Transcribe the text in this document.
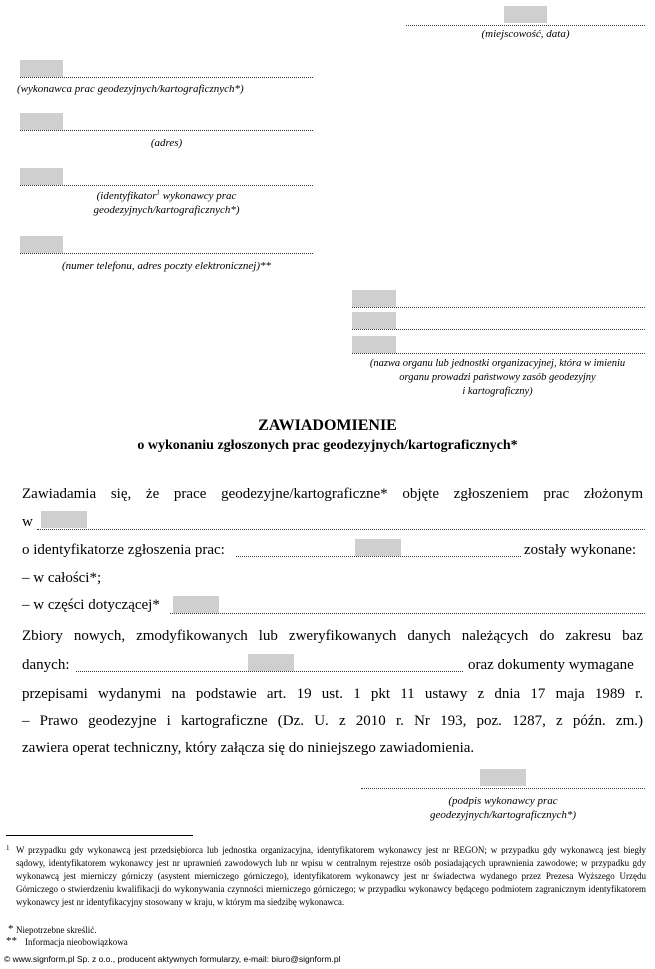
(miejscowość, data)
(wykonawca prac geodezyjnych/kartograficznych*)
(adres)
(identyfikator$^1$ wykonawcy prac
geodezyjnych/kartograficznych*)
(numer telefonu, adres poczty elektronicznej)**
(nazwa organu lub jednostki organizacyjnej, która w imieniu
organu prowadzi państwowy zasób geodezyjny
i kartograficzny)
ZAWIADOMIENIE
o wykonaniu zgłoszonych prac geodezyjnych/kartograficznych*
Zawiadamia się, że prace geodezyjne/kartograficzne* objęte zgłoszeniem prac złożonym
w
o identyfikatorze zgłoszenia prac:	zostały wykonane:
– w całości*;
– w części dotyczącej*
Zbiory nowych, zmodyfikowanych lub zweryfikowanych danych należących do zakresu baz
danych:	oraz dokumenty wymagane
przepisami wydanymi na podstawie art. 19 ust. 1 pkt 11 ustawy z dnia 17 maja 1989 r.
– Prawo geodezyjne i kartograficzne (Dz. U. z 2010 r. Nr 193, poz. 1287, z późn. zm.)
zawiera operat techniczny, który załącza się do niniejszego zawiadomienia.
(podpis wykonawcy prac
geodezyjnych/kartograficznych*)
1 W przypadku gdy wykonawcą jest przedsiębiorca lub jednostka organizacyjna, identyfikatorem wykonawcy jest nr REGON; w przypadku gdy wykonawcą jest biegły sądowy, identyfikatorem wykonawcy jest nr uprawnień zawodowych lub nr wpisu w centralnym rejestrze osób posiadających uprawnienia zawodowe; w przypadku gdy wykonawcą jest mierniczy górniczy (asystent mierniczego górniczego), identyfikatorem wykonawcy jest nr świadectwa wydanego przez Prezesa Wyższego Urzędu Górniczego o stwierdzeniu kwalifikacji do wykonywania czynności mierniczego górniczego; w przypadku wykonawcy będącego podmiotem zagranicznym identyfikatorem wykonawcy jest nr identyfikacyjny stosowany w kraju, w którym ma siedzibę wykonawca.
* Niepotrzebne skreślić.
** Informacja nieobowiązkowa
© www.signform.pl Sp. z o.o., producent aktywnych formularzy, e-mail: biuro@signform.pl
